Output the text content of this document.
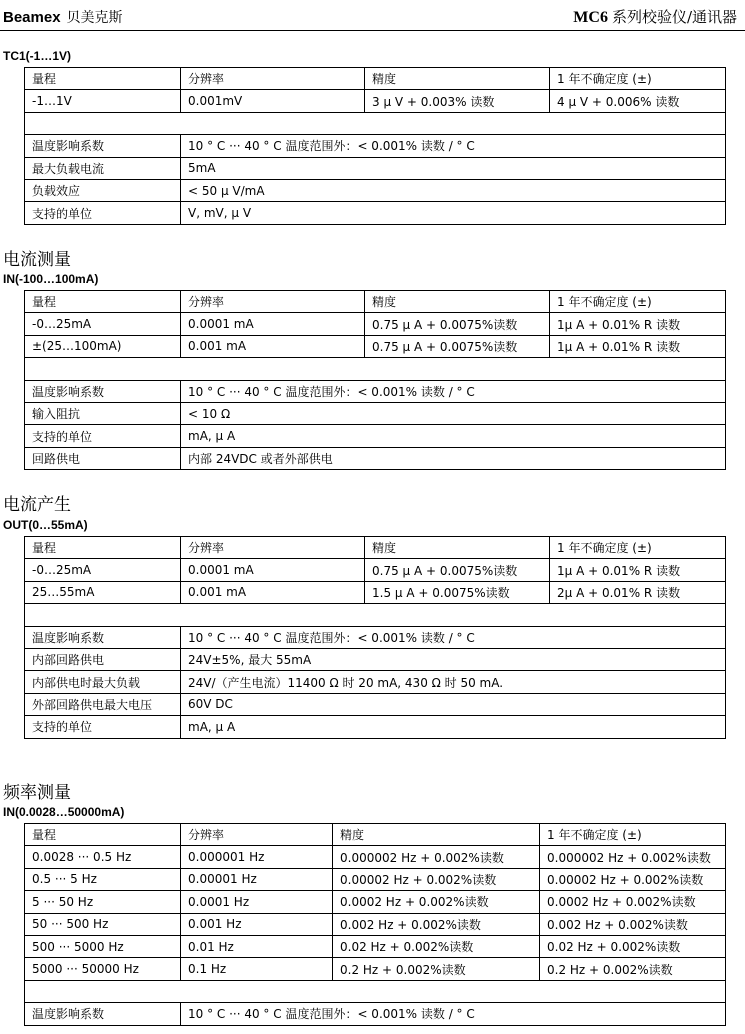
Beamex 贝美克斯	MC6 系列校验仪/通讯器
TC1(-1…1V)
量程	分辨率	精度	1 年不确定度 (±)
-1…1V	0.001mV	3 μ V + 0.003% 读数	4 μ V + 0.006% 读数

温度影响系数	10 ° C ··· 40 ° C 温度范围外：< 0.001% 读数 / ° C		
最大负载电流	5mA		
负载效应	< 50 μ V/mA		
支持的单位	V, mV, μ V		
电流测量
IN(-100…100mA)
量程	分辨率	精度	1 年不确定度 (±)
-0…25mA	0.0001 mA	0.75 μ A + 0.0075%读数	1μ A + 0.01% R 读数
±(25…100mA)	0.001 mA	0.75 μ A + 0.0075%读数	1μ A + 0.01% R 读数

温度影响系数	10 ° C ··· 40 ° C 温度范围外：< 0.001% 读数 / ° C		
输入阻抗	< 10 Ω		
支持的单位	mA, μ A		
回路供电	内部 24VDC 或者外部供电		
电流产生
OUT(0…55mA)
量程	分辨率	精度	1 年不确定度 (±)
-0…25mA	0.0001 mA	0.75 μ A + 0.0075%读数	1μ A + 0.01% R 读数
25…55mA	0.001 mA	1.5 μ A + 0.0075%读数	2μ A + 0.01% R 读数

温度影响系数	10 ° C ··· 40 ° C 温度范围外：< 0.001% 读数 / ° C		
内部回路供电	24V±5%, 最大 55mA		
内部供电时最大负载	24V/（产生电流）11400 Ω 时 20 mA, 430 Ω 时 50 mA.		
外部回路供电最大电压	60V DC		
支持的单位	mA, μ A		
频率测量
IN(0.0028…50000mA)
量程	分辨率	精度	1 年不确定度 (±)
0.0028 ··· 0.5 Hz	0.000001 Hz	0.000002 Hz + 0.002%读数	0.000002 Hz + 0.002%读数
0.5 ··· 5 Hz	0.00001 Hz	0.00002 Hz + 0.002%读数	0.00002 Hz + 0.002%读数
5 ··· 50 Hz	0.0001 Hz	0.0002 Hz + 0.002%读数	0.0002 Hz + 0.002%读数
50 ··· 500 Hz	0.001 Hz	0.002 Hz + 0.002%读数	0.002 Hz + 0.002%读数
500 ··· 5000 Hz	0.01 Hz	0.02 Hz + 0.002%读数	0.02 Hz + 0.002%读数
5000 ··· 50000 Hz	0.1 Hz	0.2 Hz + 0.002%读数	0.2 Hz + 0.002%读数

温度影响系数	10 ° C ··· 40 ° C 温度范围外：< 0.001% 读数 / ° C		
